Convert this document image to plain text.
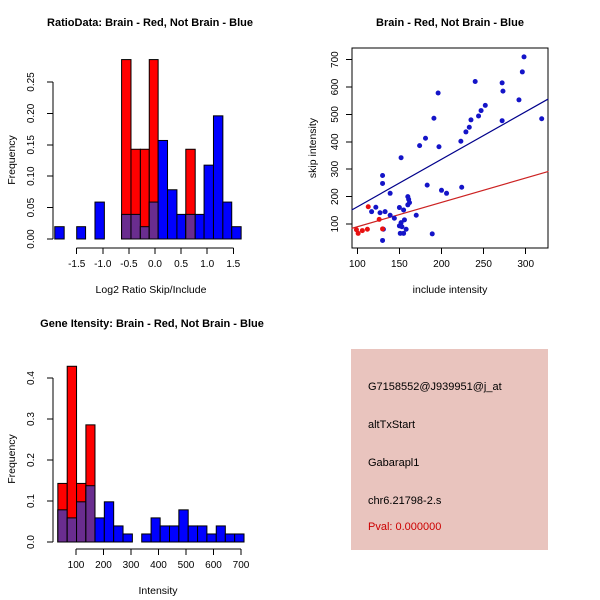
0.00
0.05
0.10
0.15
0.20
0.25
-1.5 -1.0 -0.5 0.0 0.5 1.0 1.5
RatioData: Brain - Red, Not Brain - Blue
Log2 Ratio Skip/Include
Frequency
100	150	200	250	300
100
200
300
400
500
600
700
Brain - Red, Not Brain - Blue
include intensity
skip intensity
0.0
0.1
0.2
0.3
0.4
100 200 300 400 500 600 700
Gene Itensity: Brain - Red, Not Brain - Blue
Intensity
Frequency
G7158552@J939951@j_at
altTxStart
Gabarapl1
chr6.21798-2.s
Pval: 0.000000
